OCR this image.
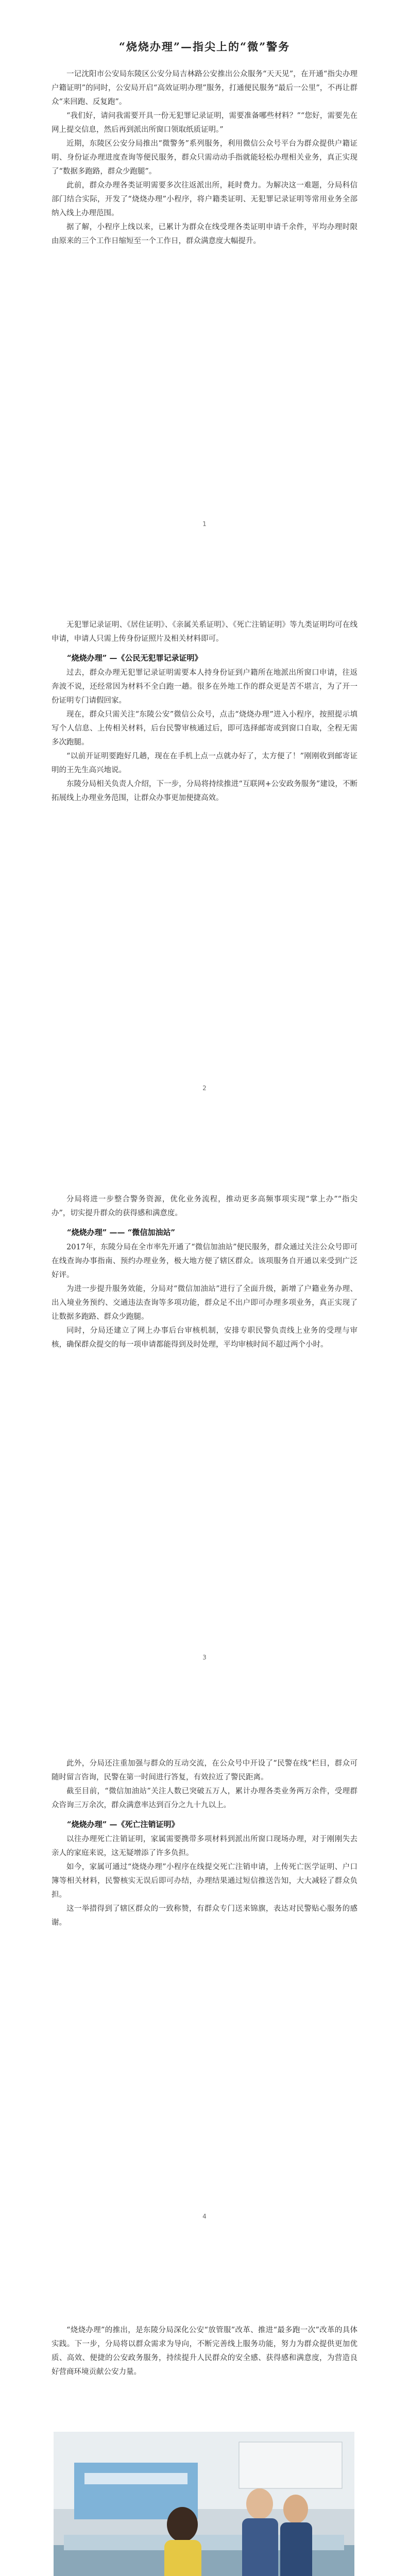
“烧烧办理”—指尖上的“微”警务

一记沈阳市公安局东陵区公安分局吉林路公安推出公众服务“天天见”，在开通“指尖办理户籍证明”的同时，公安局开启“高效证明办理”服务，打通便民服务“最后一公里”，不再让群众“来回跑、反复跑”。

“我们好，请问我需要开具一份无犯罪记录证明，需要准备哪些材料？”“您好，需要先在网上提交信息，然后再到派出所窗口领取纸质证明。”

近期，东陵区公安分局推出“微警务”系列服务，利用微信公众号平台为群众提供户籍证明、身份证办理进度查询等便民服务，群众只需动动手指就能轻松办理相关业务，真正实现了“数据多跑路，群众少跑腿”。

此前，群众办理各类证明需要多次往返派出所，耗时费力。为解决这一难题，分局科信部门结合实际，开发了“烧烧办理”小程序，将户籍类证明、无犯罪记录证明等常用业务全部纳入线上办理范围。

据了解，小程序上线以来，已累计为群众在线受理各类证明申请千余件，平均办理时限由原来的三个工作日缩短至一个工作日，群众满意度大幅提升。

1

无犯罪记录证明、《居住证明》、《亲属关系证明》、《死亡注销证明》等九类证明均可在线申请，申请人只需上传身份证照片及相关材料即可。

“烧烧办理” —《公民无犯罪记录证明》

过去，群众办理无犯罪记录证明需要本人持身份证到户籍所在地派出所窗口申请，往返奔波不说，还经常因为材料不全白跑一趟。很多在外地工作的群众更是苦不堪言，为了开一份证明专门请假回家。

现在，群众只需关注“东陵公安”微信公众号，点击“烧烧办理”进入小程序，按照提示填写个人信息、上传相关材料，后台民警审核通过后，即可选择邮寄或到窗口自取，全程无需多次跑腿。

“以前开证明要跑好几趟，现在在手机上点一点就办好了，太方便了！”刚刚收到邮寄证明的王先生高兴地说。

东陵分局相关负责人介绍，下一步，分局将持续推进“互联网+公安政务服务”建设，不断拓展线上办理业务范围，让群众办事更加便捷高效。

2

分局将进一步整合警务资源，优化业务流程，推动更多高频事项实现“掌上办”“指尖办”，切实提升群众的获得感和满意度。

“烧烧办理” —— “微信加油站”

2017年，东陵分局在全市率先开通了“微信加油站”便民服务，群众通过关注公众号即可在线查询办事指南、预约办理业务，极大地方便了辖区群众。该项服务自开通以来受到广泛好评。

为进一步提升服务效能，分局对“微信加油站”进行了全面升级，新增了户籍业务办理、出入境业务预约、交通违法查询等多项功能，群众足不出户即可办理多项业务，真正实现了让数据多跑路、群众少跑腿。

同时，分局还建立了网上办事后台审核机制，安排专职民警负责线上业务的受理与审核，确保群众提交的每一项申请都能得到及时处理，平均审核时间不超过两个小时。

3

此外，分局还注重加强与群众的互动交流，在公众号中开设了“民警在线”栏目，群众可随时留言咨询，民警在第一时间进行答复，有效拉近了警民距离。

截至目前，“微信加油站”关注人数已突破五万人，累计办理各类业务两万余件，受理群众咨询三万余次，群众满意率达到百分之九十九以上。

“烧烧办理” —《死亡注销证明》

以往办理死亡注销证明，家属需要携带多项材料到派出所窗口现场办理，对于刚刚失去亲人的家庭来说，这无疑增添了许多负担。

如今，家属可通过“烧烧办理”小程序在线提交死亡注销申请，上传死亡医学证明、户口簿等相关材料，民警核实无误后即可办结，办理结果通过短信推送告知，大大减轻了群众负担。

这一举措得到了辖区群众的一致称赞，有群众专门送来锦旗，表达对民警贴心服务的感谢。

4

“烧烧办理”的推出，是东陵分局深化公安“放管服”改革、推进“最多跑一次”改革的具体实践。下一步，分局将以群众需求为导向，不断完善线上服务功能，努力为群众提供更加优质、高效、便捷的公安政务服务，持续提升人民群众的安全感、获得感和满意度，为营造良好营商环境贡献公安力量。
